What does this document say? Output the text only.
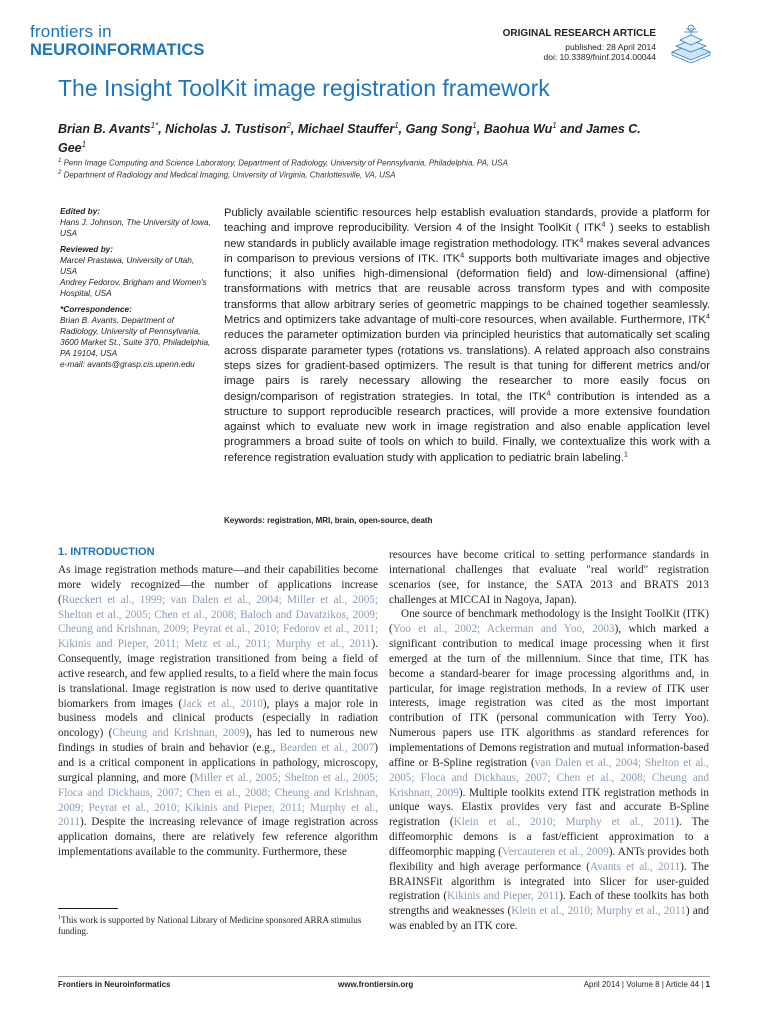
frontiers in
NEUROINFORMATICS
ORIGINAL RESEARCH ARTICLE
published: 28 April 2014
doi: 10.3389/fninf.2014.00044
The Insight ToolKit image registration framework
Brian B. Avants$^{1*}$, Nicholas J. Tustison$^2$, Michael Stauffer$^1$, Gang Song$^1$, Baohua Wu$^1$ and James C. Gee$^1$
$^1$ Penn Image Computing and Science Laboratory, Department of Radiology, University of Pennsylvania, Philadelphia, PA, USA
$^2$ Department of Radiology and Medical Imaging, University of Virginia, Charlottesville, VA, USA
Edited by:
Hans J. Johnson, The University of Iowa, USA
Reviewed by:
Marcel Prastawa, University of Utah, USA
Andrey Fedorov, Brigham and Women's Hospital, USA
*Correspondence:
Brian B. Avants, Department of Radiology, University of Pennsylvania, 3600 Market St., Suite 370, Philadelphia, PA 19104, USA
e-mail: avants@grasp.cis.upenn.edu
Publicly available scientific resources help establish evaluation standards, provide a platform for teaching and improve reproducibility. Version 4 of the Insight ToolKit ( ITK$^4$ ) seeks to establish new standards in publicly available image registration methodology. ITK$^4$ makes several advances in comparison to previous versions of ITK. ITK$^4$ supports both multivariate images and objective functions; it also unifies high-dimensional (deformation field) and low-dimensional (affine) transformations with metrics that are reusable across transform types and with composite transforms that allow arbitrary series of geometric mappings to be chained together seamlessly. Metrics and optimizers take advantage of multi-core resources, when available. Furthermore, ITK$^4$ reduces the parameter optimization burden via principled heuristics that automatically set scaling across disparate parameter types (rotations vs. translations). A related approach also constrains steps sizes for gradient-based optimizers. The result is that tuning for different metrics and/or image pairs is rarely necessary allowing the researcher to more easily focus on design/comparison of registration strategies. In total, the ITK$^4$ contribution is intended as a structure to support reproducible research practices, will provide a more extensive foundation against which to evaluate new work in image registration and also enable application level programmers a broad suite of tools on which to build. Finally, we contextualize this work with a reference registration evaluation study with application to pediatric brain labeling.$^1$
Keywords: registration, MRI, brain, open-source, death
1. INTRODUCTION

As image registration methods mature—and their capabilities become more widely recognized—the number of applications increase (Rueckert et al., 1999; van Dalen et al., 2004; Miller et al., 2005; Shelton et al., 2005; Chen et al., 2008; Baloch and Davatzikos, 2009; Cheung and Krishnan, 2009; Peyrat et al., 2010; Fedorov et al., 2011; Kikinis and Pieper, 2011; Metz et al., 2011; Murphy et al., 2011). Consequently, image registration transitioned from being a field of active research, and few applied results, to a field where the main focus is translational. Image registration is now used to derive quantitative biomarkers from images (Jack et al., 2010), plays a major role in business models and clinical products (especially in radiation oncology) (Cheung and Krishnan, 2009), has led to numerous new findings in studies of brain and behavior (e.g., Bearden et al., 2007) and is a critical component in applications in pathology, microscopy, surgical planning, and more (Miller et al., 2005; Shelton et al., 2005; Floca and Dickhaus, 2007; Chen et al., 2008; Cheung and Krishnan, 2009; Peyrat et al., 2010; Kikinis and Pieper, 2011; Murphy et al., 2011). Despite the increasing relevance of image registration across application domains, there are relatively few reference algorithm implementations available to the community. Furthermore, these

$^1$This work is supported by National Library of Medicine sponsored ARRA stimulus funding.

resources have become critical to setting performance standards in international challenges that evaluate "real world" registration scenarios (see, for instance, the SATA 2013 and BRATS 2013 challenges at MICCAI in Nagoya, Japan).

One source of benchmark methodology is the Insight ToolKit (ITK) (Yoo et al., 2002; Ackerman and Yoo, 2003), which marked a significant contribution to medical image processing when it first emerged at the turn of the millennium. Since that time, ITK has become a standard-bearer for image processing algorithms and, in particular, for image registration methods. In a review of ITK user interests, image registration was cited as the most important contribution of ITK (personal communication with Terry Yoo). Numerous papers use ITK algorithms as standard references for implementations of Demons registration and mutual information-based affine or B-Spline registration (van Dalen et al., 2004; Shelton et al., 2005; Floca and Dickhaus, 2007; Chen et al., 2008; Cheung and Krishnan, 2009). Multiple toolkits extend ITK registration methods in unique ways. Elastix provides very fast and accurate B-Spline registration (Klein et al., 2010; Murphy et al., 2011). The diffeomorphic demons is a fast/efficient approximation to a diffeomorphic mapping (Vercauteren et al., 2009). ANTs provides both flexibility and high average performance (Avants et al., 2011). The BRAINSFit algorithm is integrated into Slicer for user-guided registration (Kikinis and Pieper, 2011). Each of these toolkits has both strengths and weaknesses (Klein et al., 2010; Murphy et al., 2011) and was enabled by an ITK core.

Frontiers in Neuroinformatics	www.frontiersin.org	April 2014 | Volume 8 | Article 44 | 1
